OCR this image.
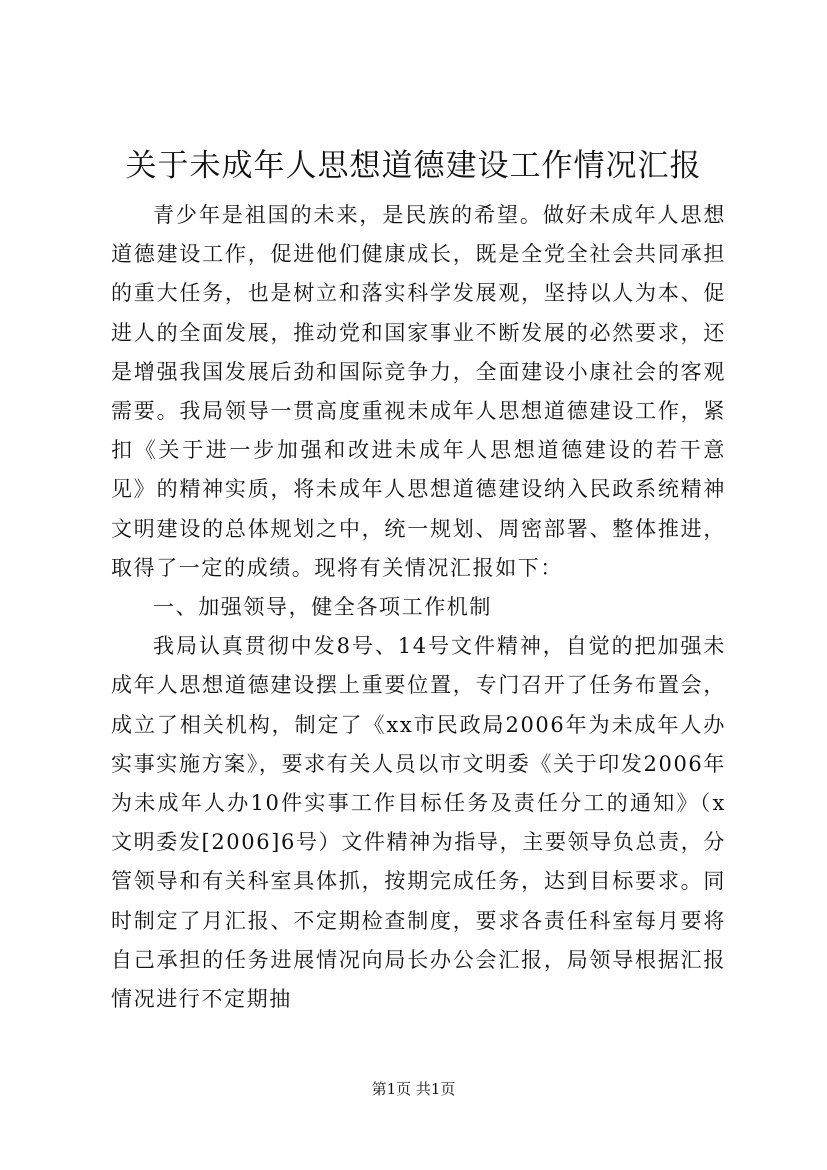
关于未成年人思想道德建设工作情况汇报

青少年是祖国的未来，是民族的希望。做好未成年人思想道德建设工作，促进他们健康成长，既是全党全社会共同承担的重大任务，也是树立和落实科学发展观，坚持以人为本、促进人的全面发展，推动党和国家事业不断发展的必然要求，还是增强我国发展后劲和国际竞争力，全面建设小康社会的客观需要。我局领导一贯高度重视未成年人思想道德建设工作，紧扣《关于进一步加强和改进未成年人思想道德建设的若干意见》的精神实质，将未成年人思想道德建设纳入民政系统精神文明建设的总体规划之中，统一规划、周密部署、整体推进，取得了一定的成绩。现将有关情况汇报如下：

一、加强领导，健全各项工作机制

我局认真贯彻中发8号、14号文件精神，自觉的把加强未成年人思想道德建设摆上重要位置，专门召开了任务布置会，成立了相关机构，制定了《xx市民政局2006年为未成年人办实事实施方案》，要求有关人员以市文明委《关于印发2006年为未成年人办10件实事工作目标任务及责任分工的通知》（x文明委发[2006]6号）文件精神为指导，主要领导负总责，分管领导和有关科室具体抓，按期完成任务，达到目标要求。同时制定了月汇报、不定期检查制度，要求各责任科室每月要将自己承担的任务进展情况向局长办公会汇报，局领导根据汇报情况进行不定期抽

第1页 共1页
